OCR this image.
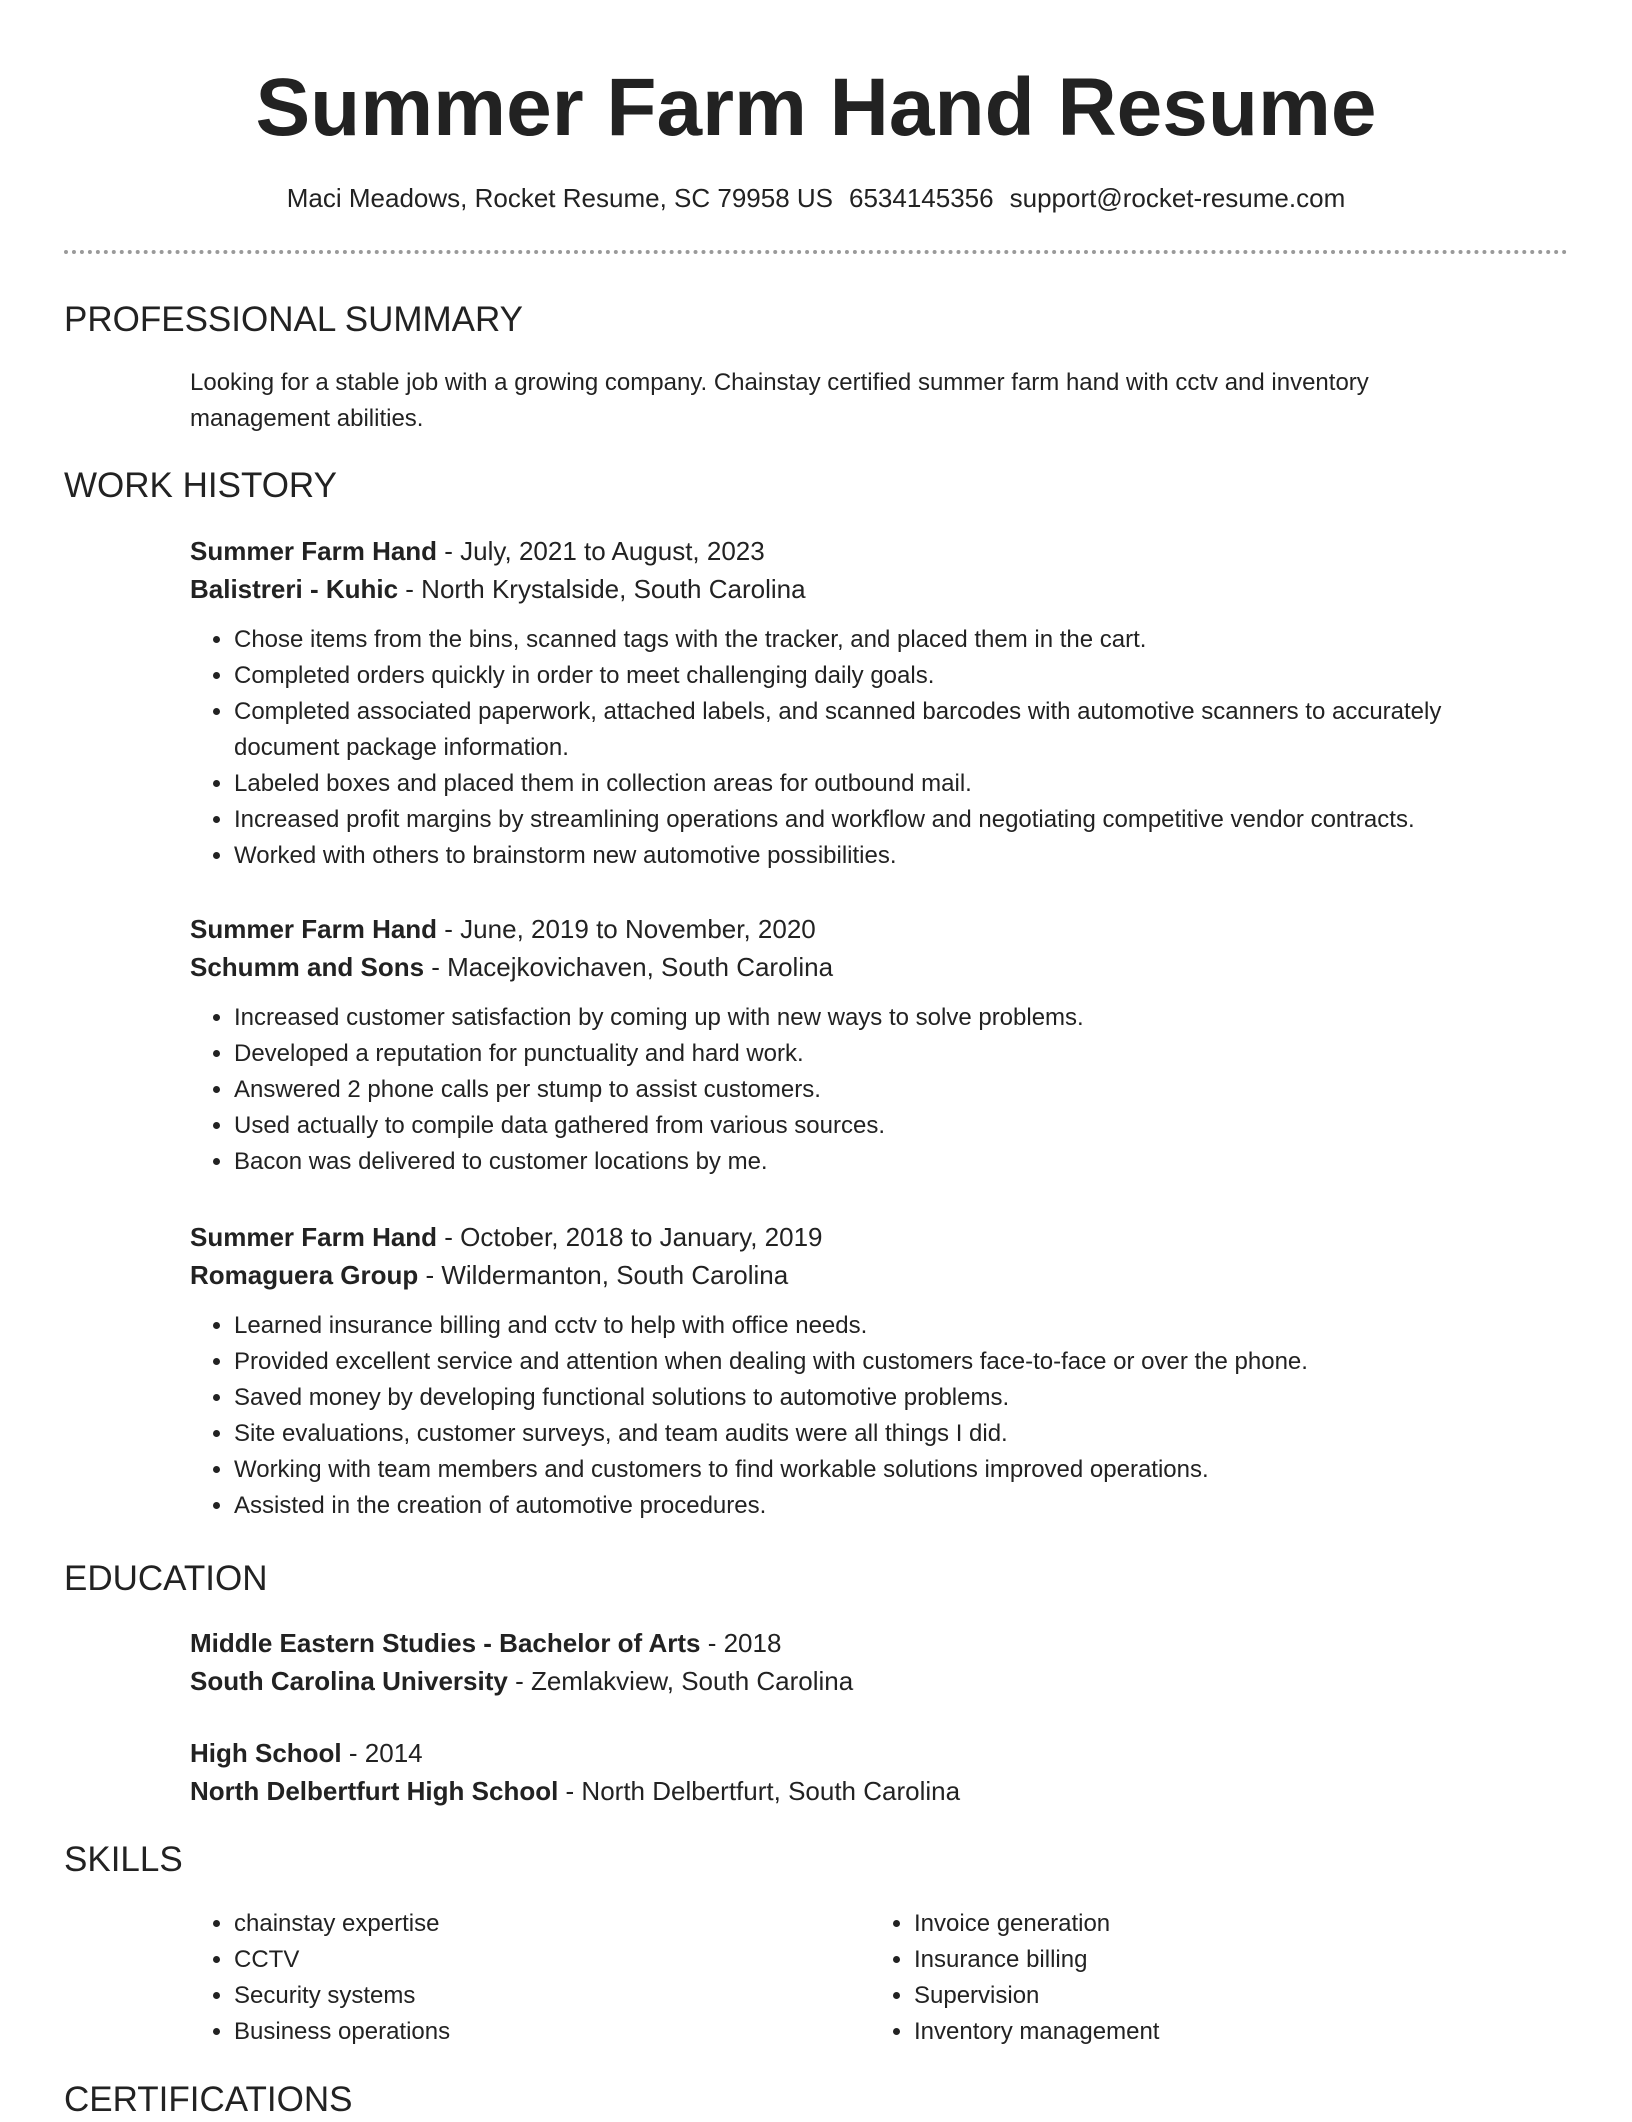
Summer Farm Hand Resume
Maci Meadows, Rocket Resume, SC 79958 US 6534145356 support@rocket-resume.com
PROFESSIONAL SUMMARY

Looking for a stable job with a growing company. Chainstay certified summer farm hand with cctv and inventory management abilities.

WORK HISTORY

Summer Farm Hand - July, 2021 to August, 2023

Balistreri - Kuhic - North Krystalside, South Carolina

• Chose items from the bins, scanned tags with the tracker, and placed them in the cart.
• Completed orders quickly in order to meet challenging daily goals.
• Completed associated paperwork, attached labels, and scanned barcodes with automotive scanners to accurately document package information.
• Labeled boxes and placed them in collection areas for outbound mail.
• Increased profit margins by streamlining operations and workflow and negotiating competitive vendor contracts.
• Worked with others to brainstorm new automotive possibilities.

Summer Farm Hand - June, 2019 to November, 2020

Schumm and Sons - Macejkovichaven, South Carolina

• Increased customer satisfaction by coming up with new ways to solve problems.
• Developed a reputation for punctuality and hard work.
• Answered 2 phone calls per stump to assist customers.
• Used actually to compile data gathered from various sources.
• Bacon was delivered to customer locations by me.

Summer Farm Hand - October, 2018 to January, 2019

Romaguera Group - Wildermanton, South Carolina

• Learned insurance billing and cctv to help with office needs.
• Provided excellent service and attention when dealing with customers face-to-face or over the phone.
• Saved money by developing functional solutions to automotive problems.
• Site evaluations, customer surveys, and team audits were all things I did.
• Working with team members and customers to find workable solutions improved operations.
• Assisted in the creation of automotive procedures.
EDUCATION

Middle Eastern Studies - Bachelor of Arts - 2018

South Carolina University - Zemlakview, South Carolina

High School - 2014

North Delbertfurt High School - North Delbertfurt, South Carolina

SKILLS
• chainstay expertise
• CCTV
• Security systems
• Business operations
• Invoice generation
• Insurance billing
• Supervision
• Inventory management
CERTIFICATIONS
